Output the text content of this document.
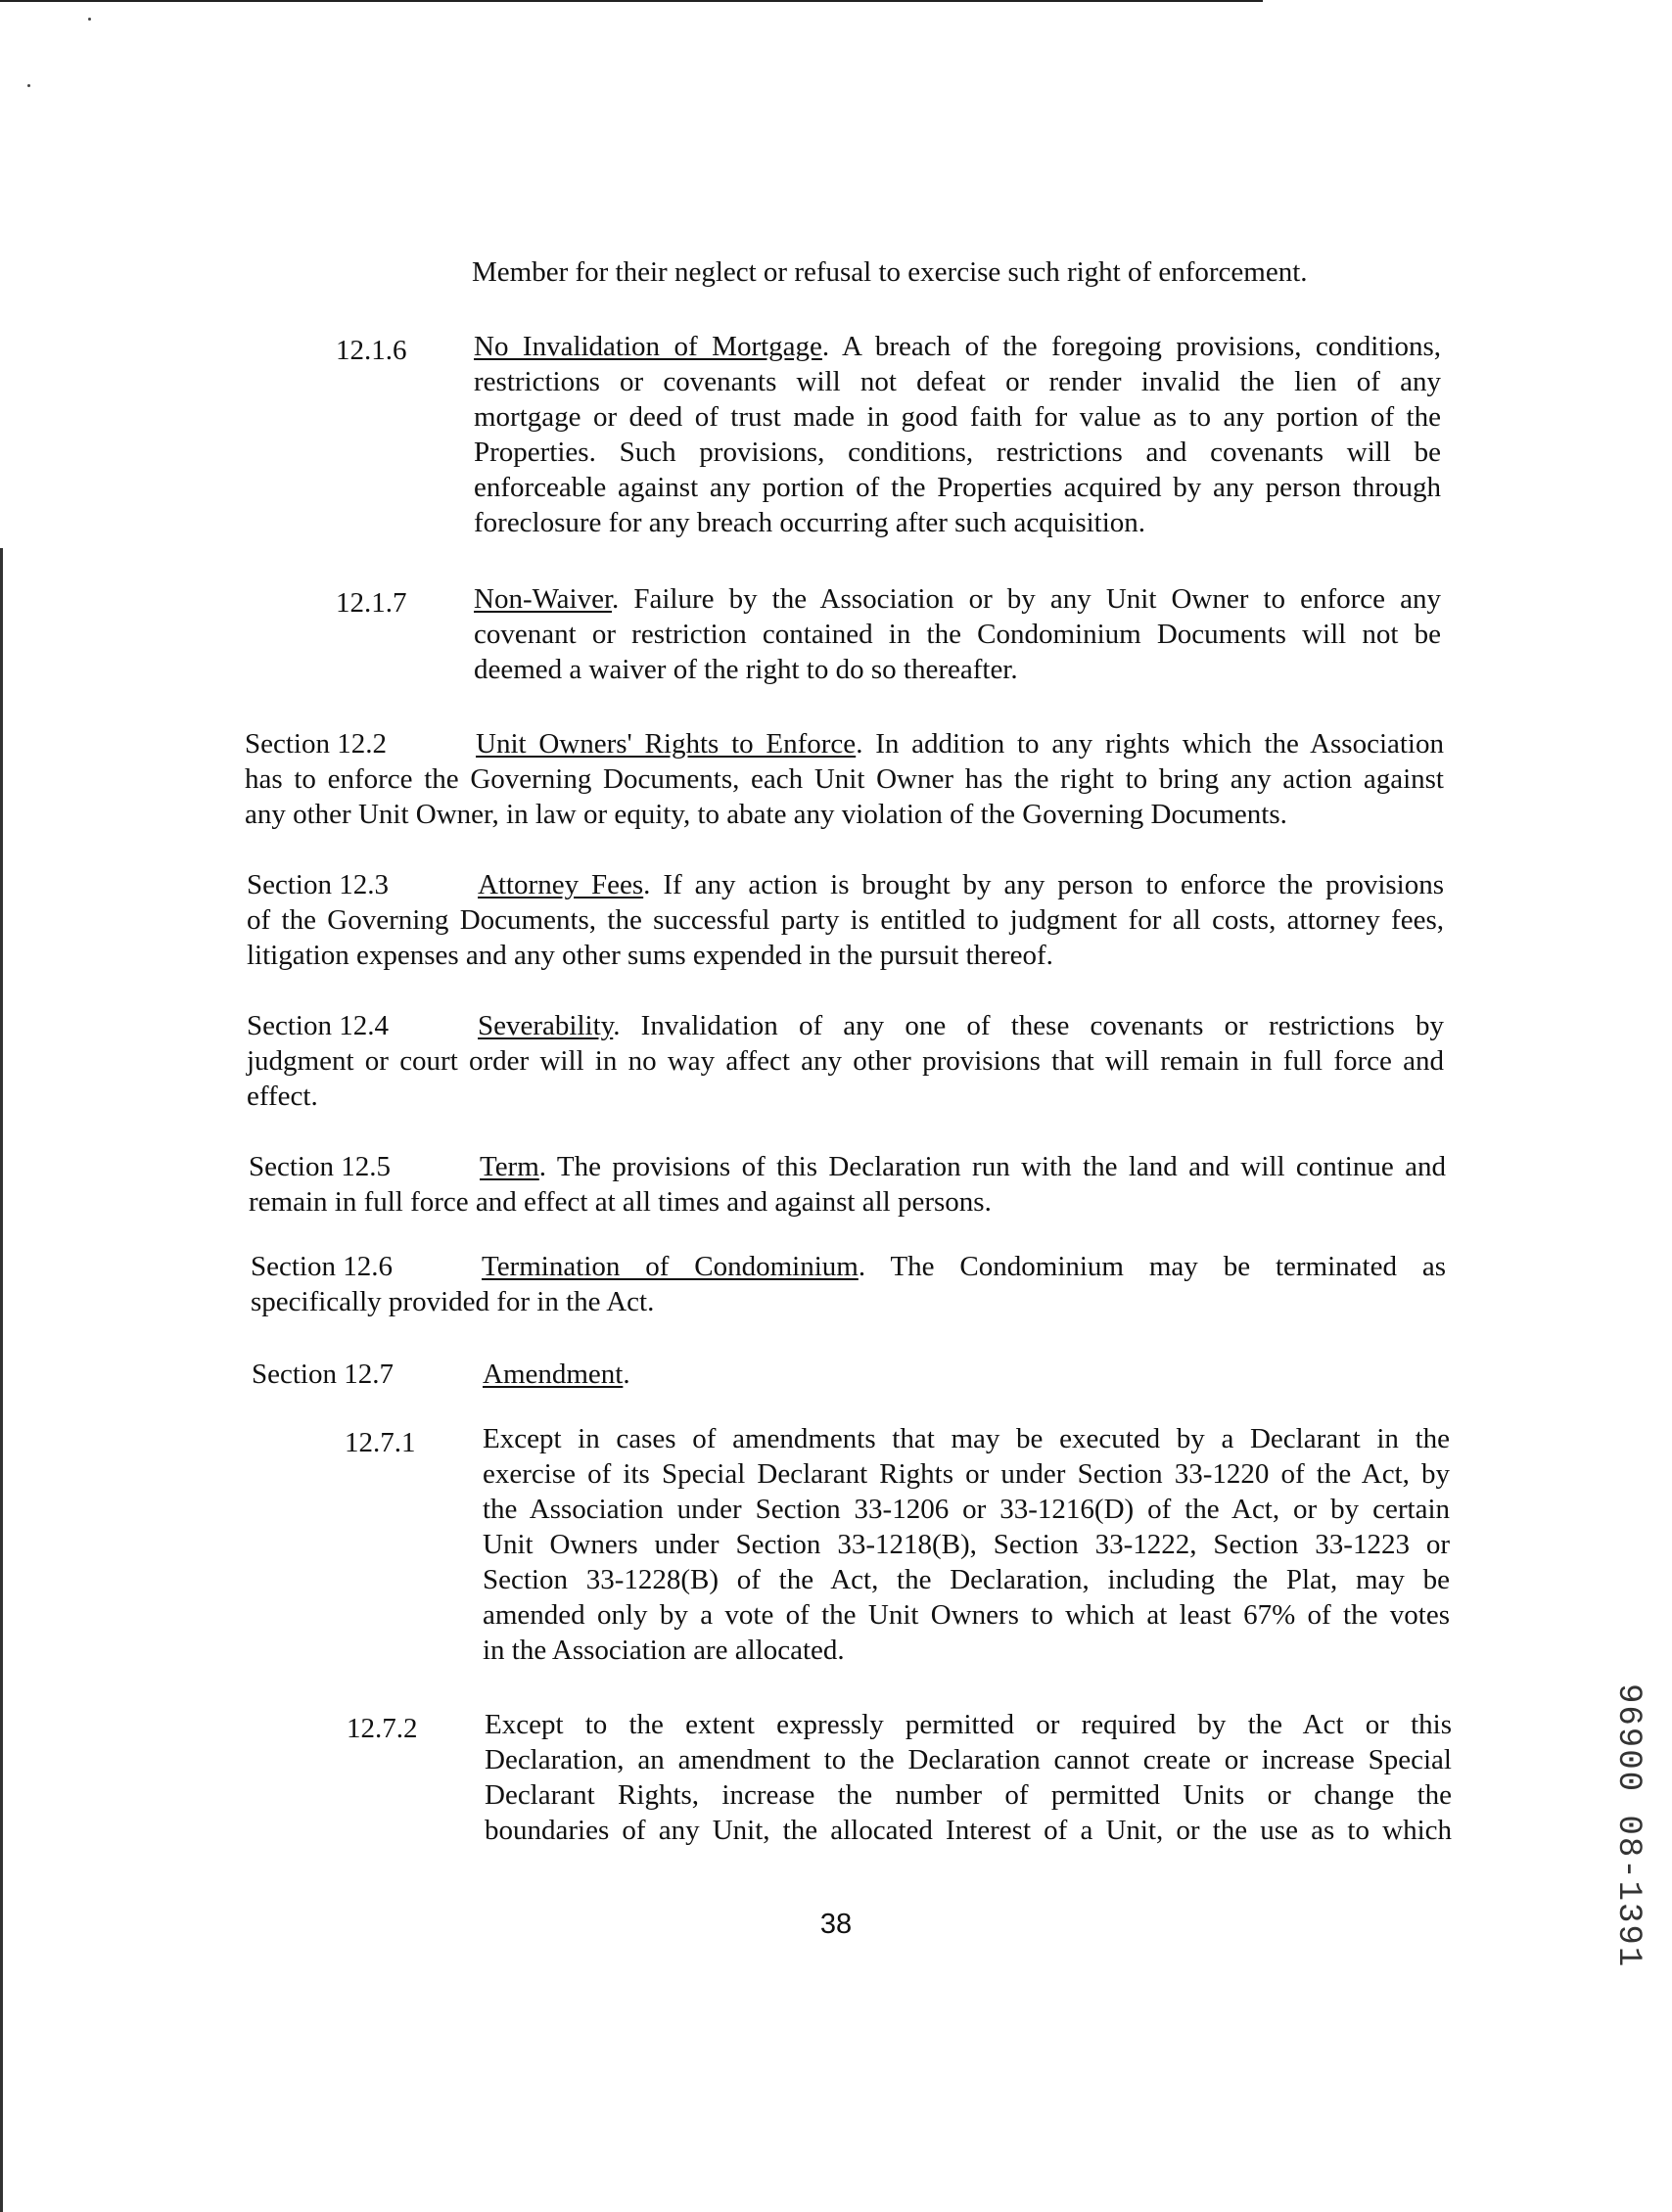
Member for their neglect or refusal to exercise such right of enforcement.
12.1.6 No Invalidation of Mortgage. A breach of the foregoing provisions, conditions,
restrictions or covenants will not defeat or render invalid the lien of any
mortgage or deed of trust made in good faith for value as to any portion of the
Properties. Such provisions, conditions, restrictions and covenants will be
enforceable against any portion of the Properties acquired by any person through
foreclosure for any breach occurring after such acquisition.
12.1.7 Non-Waiver. Failure by the Association or by any Unit Owner to enforce any
covenant or restriction contained in the Condominium Documents will not be
deemed a waiver of the right to do so thereafter.
Section 12.2	Unit Owners' Rights to Enforce. In addition to any rights which the Association
has to enforce the Governing Documents, each Unit Owner has the right to bring any action against
any other Unit Owner, in law or equity, to abate any violation of the Governing Documents.
Section 12.3	Attorney Fees. If any action is brought by any person to enforce the provisions
of the Governing Documents, the successful party is entitled to judgment for all costs, attorney fees,
litigation expenses and any other sums expended in the pursuit thereof.
Section 12.4	Severability. Invalidation of any one of these covenants or restrictions by
judgment or court order will in no way affect any other provisions that will remain in full force and
effect.
Section 12.5	Term. The provisions of this Declaration run with the land and will continue and
remain in full force and effect at all times and against all persons.
Section 12.6	Termination of Condominium. The Condominium may be terminated as
specifically provided for in the Act.
Section 12.7	Amendment.
12.7.1 Except in cases of amendments that may be executed by a Declarant in the
exercise of its Special Declarant Rights or under Section 33-1220 of the Act, by
the Association under Section 33-1206 or 33-1216(D) of the Act, or by certain
Unit Owners under Section 33-1218(B), Section 33-1222, Section 33-1223 or
Section 33-1228(B) of the Act, the Declaration, including the Plat, may be
amended only by a vote of the Unit Owners to which at least 67% of the votes
in the Association are allocated.
12.7.2 Except to the extent expressly permitted or required by the Act or this
Declaration, an amendment to the Declaration cannot create or increase Special
Declarant Rights, increase the number of permitted Units or change the
boundaries of any Unit, the allocated Interest of a Unit, or the use as to which
38	96900 08-1391
